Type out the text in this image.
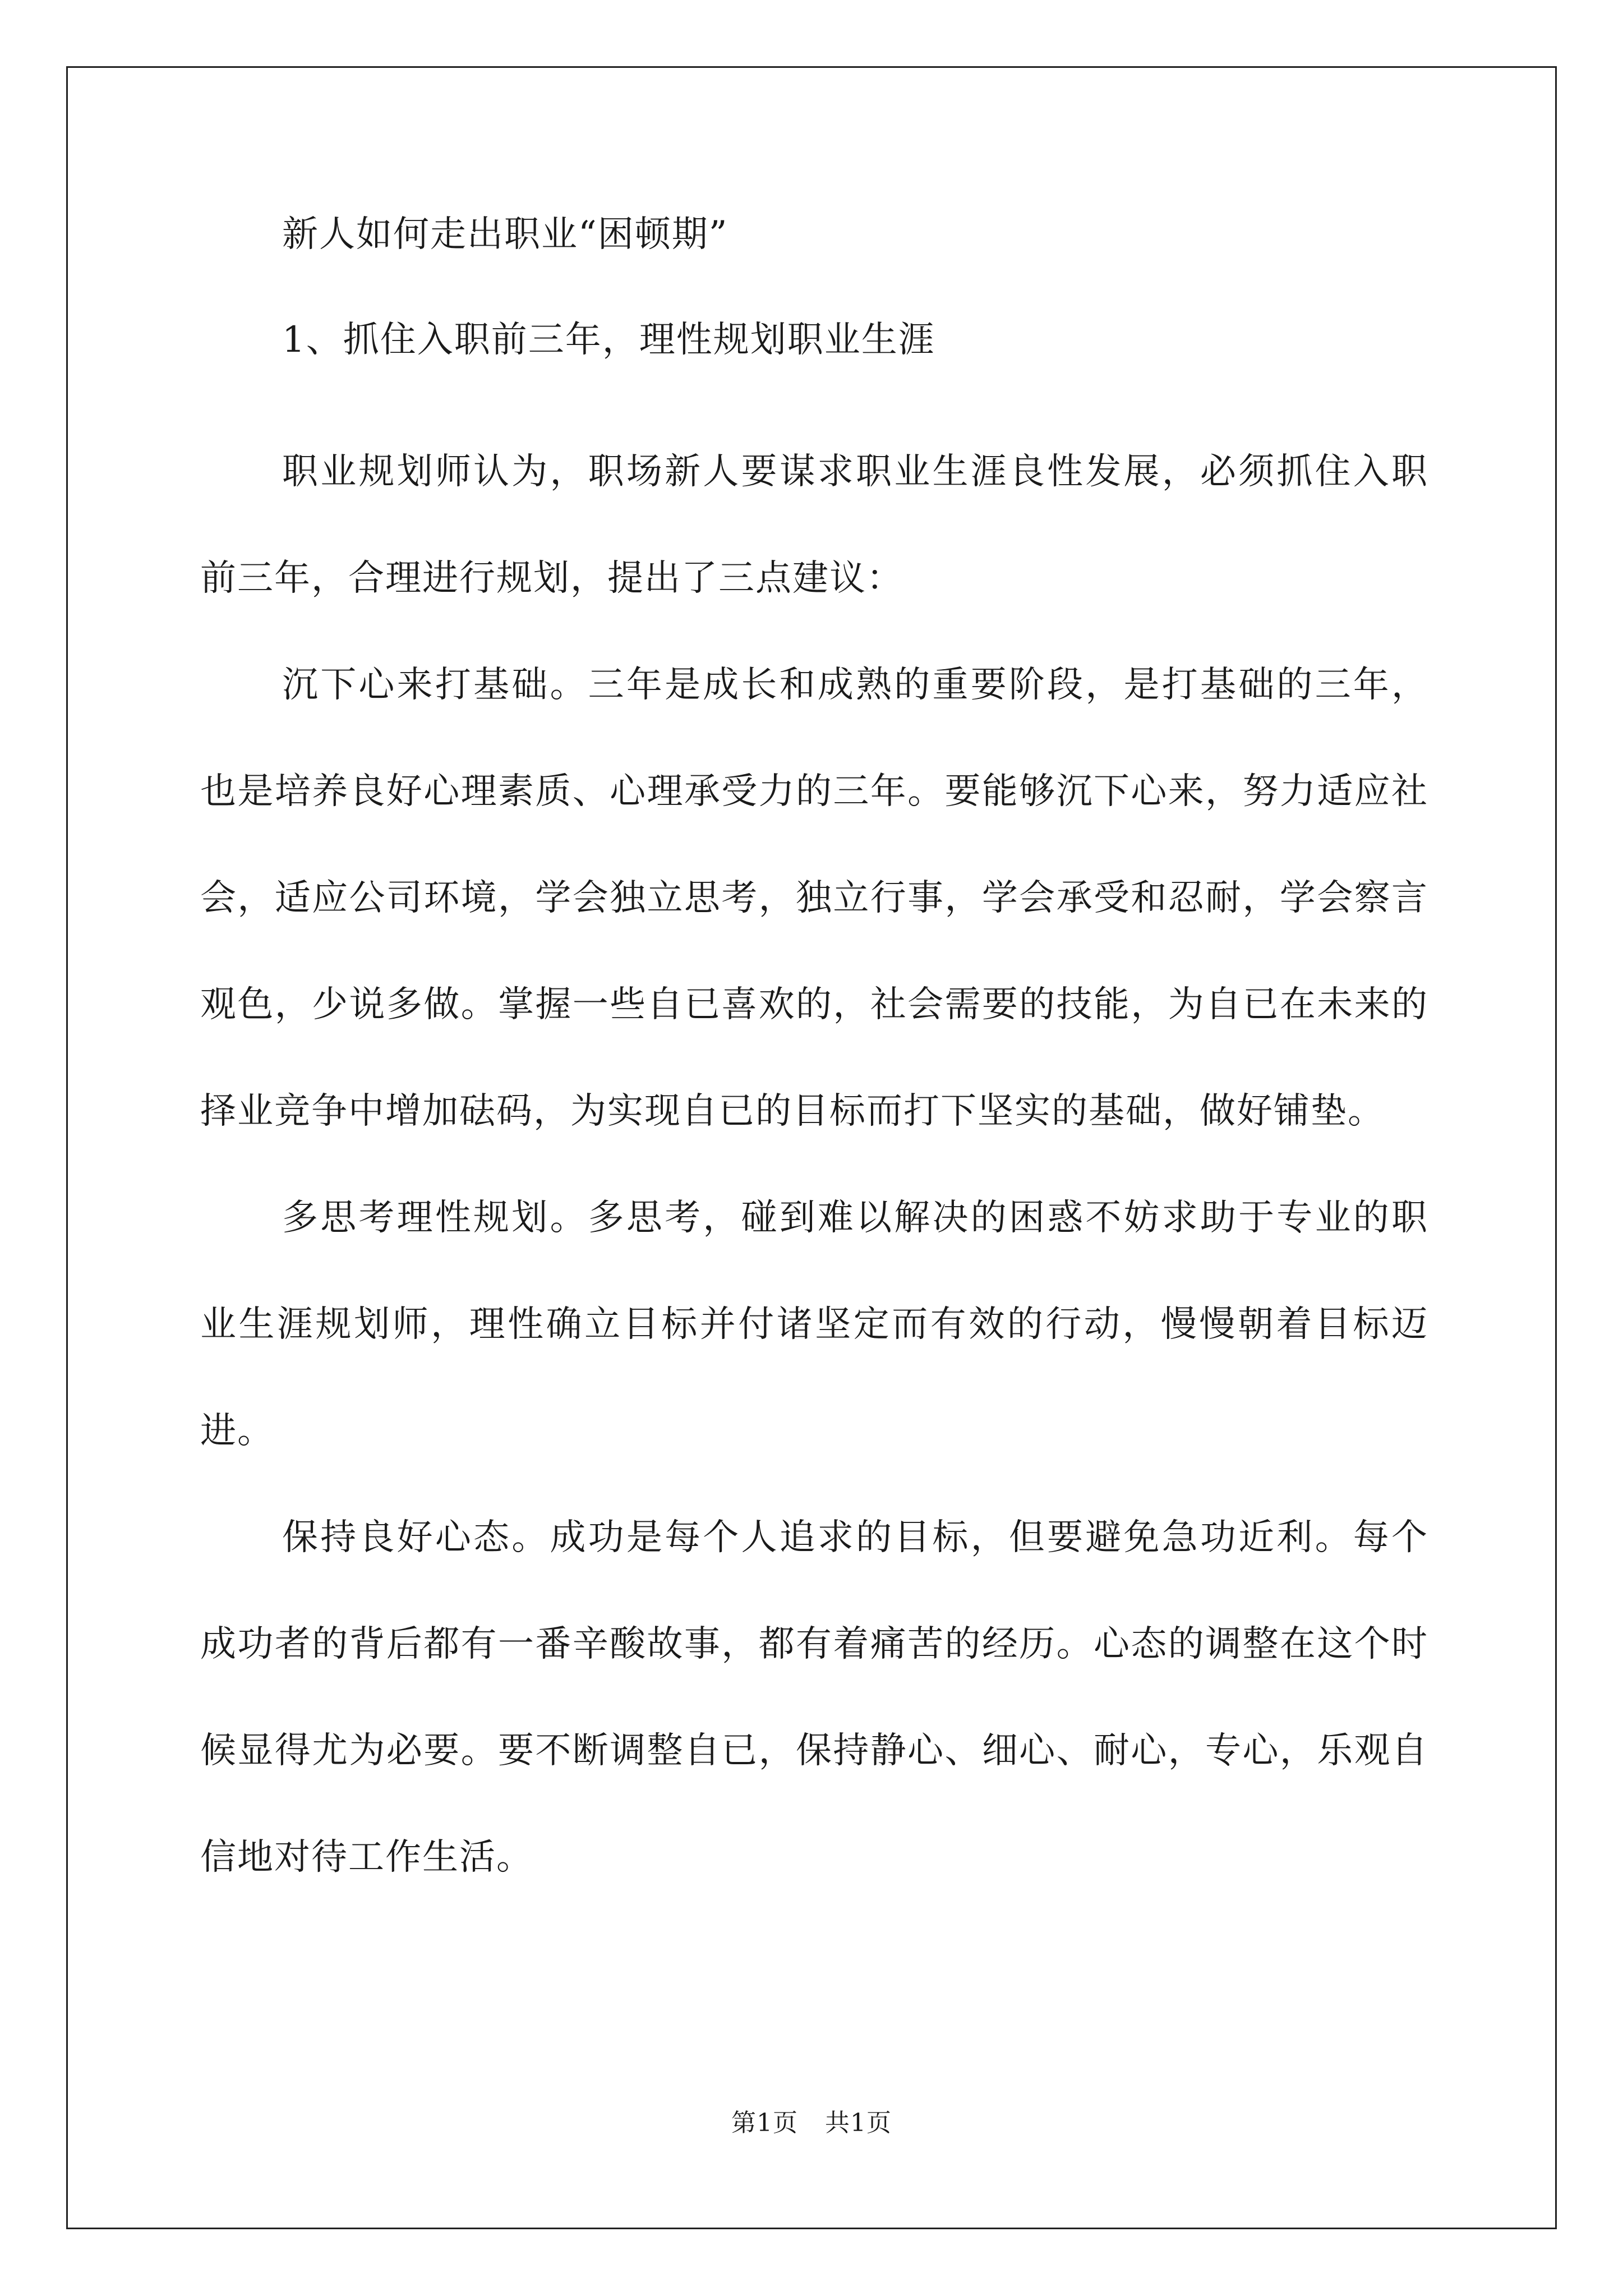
新人如何走出职业“困顿期”

1、抓住入职前三年，理性规划职业生涯

职业规划师认为，职场新人要谋求职业生涯良性发展，必须抓住入职前三年，合理进行规划，提出了三点建议：

沉下心来打基础。三年是成长和成熟的重要阶段，是打基础的三年，也是培养良好心理素质、心理承受力的三年。要能够沉下心来，努力适应社会，适应公司环境，学会独立思考，独立行事，学会承受和忍耐，学会察言观色，少说多做。掌握一些自已喜欢的，社会需要的技能，为自已在未来的择业竞争中增加砝码，为实现自已的目标而打下坚实的基础，做好铺垫。

多思考理性规划。多思考，碰到难以解决的困惑不妨求助于专业的职业生涯规划师，理性确立目标并付诸坚定而有效的行动，慢慢朝着目标迈进。

保持良好心态。成功是每个人追求的目标，但要避免急功近利。每个成功者的背后都有一番辛酸故事，都有着痛苦的经历。心态的调整在这个时候显得尤为必要。要不断调整自已，保持静心、细心、耐心，专心，乐观自信地对待工作生活。

第1页 共1页
